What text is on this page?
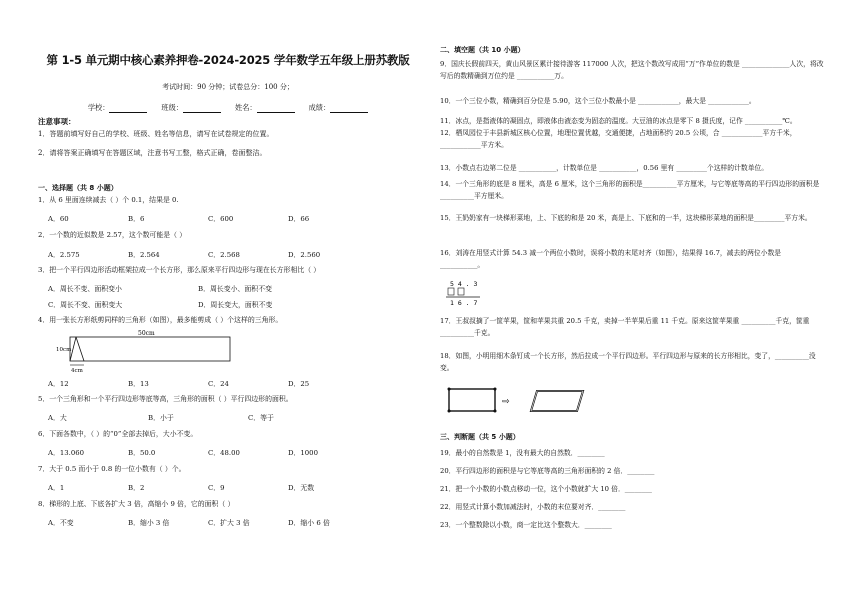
第 1-5 单元期中核心素养押卷-2024-2025 学年数学五年级上册苏教版
考试时间：90 分钟；试卷总分：100 分；
学校：	班级：	姓名：	成绩：
注意事项：
1．答题前填写好自己的学校、班级、姓名等信息，请写在试卷规定的位置。
2．请将答案正确填写在答题区域，注意书写工整，格式正确，卷面整洁。
一、选择题（共 8 小题）
1．从 6 里面连续减去（ ）个 0.1，结果是 0.
A．60	B．6	C．600	D．66
2．一个数的近似数是 2.57，这个数可能是（ ）
A．2.575	B．2.564	C．2.568	D．2.560
3．把一个平行四边形活动框架拉成一个长方形，那么原来平行四边形与现在长方形相比（ ）
A．周长不变、面积变小	B．周长变小、面积不变
C．周长不变、面积变大	D．周长变大，面积不变
4．用一张长方形纸剪同样的三角形（如图），最多能剪成（ ）个这样的三角形。
50cm
10cm
4cm
A．12	B．13	C．24	D．25
5．一个三角形和一个平行四边形等底等高，三角形的面积（ ）平行四边形的面积。
A．大	B．小于	C．等于
6．下面各数中，（ ）的“0”全部去掉后，大小不变。
A．13.060	B．50.0	C．48.00	D．1000
7．大于 0.5 而小于 0.8 的一位小数有（ ）个。
A．1	B．2	C．9	D．无数
8．梯形的上底、下底各扩大 3 倍，高缩小 9 倍，它的面积（ ）
A．不变	B．缩小 3 倍	C．扩大 3 倍	D．缩小 6 倍
二、填空题（共 10 小题）
9．国庆长假前四天，黄山风景区累计接待游客 117000 人次，把这个数改写成用“万”作单位的数是 ______________人次，将改写后的数精确到万位约是 ___________万。
10．一个三位小数，精确到百分位是 5.90，这个三位小数最小是 ____________，最大是 ____________。
11．冰点，是指液体的凝固点，即液体由液态变为固态的温度。大豆油的冰点是零下 8 摄氏度，记作 ___________℃。
12．栖凤园位于丰县新城区核心位置，地理位置优越，交通便捷，占地面积约 20.5 公顷，合 ____________平方千米，____________平方米。
13．小数点右边第二位是 ___________，计数单位是 ___________，0.56 里有 _________个这样的计数单位。
14．一个三角形的底是 8 厘米，高是 6 厘米，这个三角形的面积是__________平方厘米，与它等底等高的平行四边形的面积是__________平方厘米。
15．王奶奶家有一块梯形菜地，上、下底的和是 20 米，高是上、下底和的一半，这块梯形菜地的面积是_________平方米。
16．刘涛在用竖式计算 54.3 减一个两位小数时，误将小数的末尾对齐（如图），结果得 16.7，减去的两位小数是 ___________。
5 4 . 3
1 6 . 7
17．王叔叔摘了一筐苹果，筐和苹果共重 20.5 千克，卖掉一半苹果后重 11 千克。原来这筐苹果重 __________千克，筐重 __________千克。
18．如图，小明用细木条钉成一个长方形，然后拉成一个平行四边形。平行四边形与原来的长方形相比，变了，__________没变。
⇨
三、判断题（共 5 小题）
19．最小的自然数是 1，没有最大的自然数．________
20．平行四边形的面积是与它等底等高的三角形面积的 2 倍．________
21．把一个小数的小数点移动一位，这个小数就扩大 10 倍．________
22．用竖式计算小数加减法时，小数的末位要对齐．________
23．一个整数除以小数，商一定比这个整数大．________
